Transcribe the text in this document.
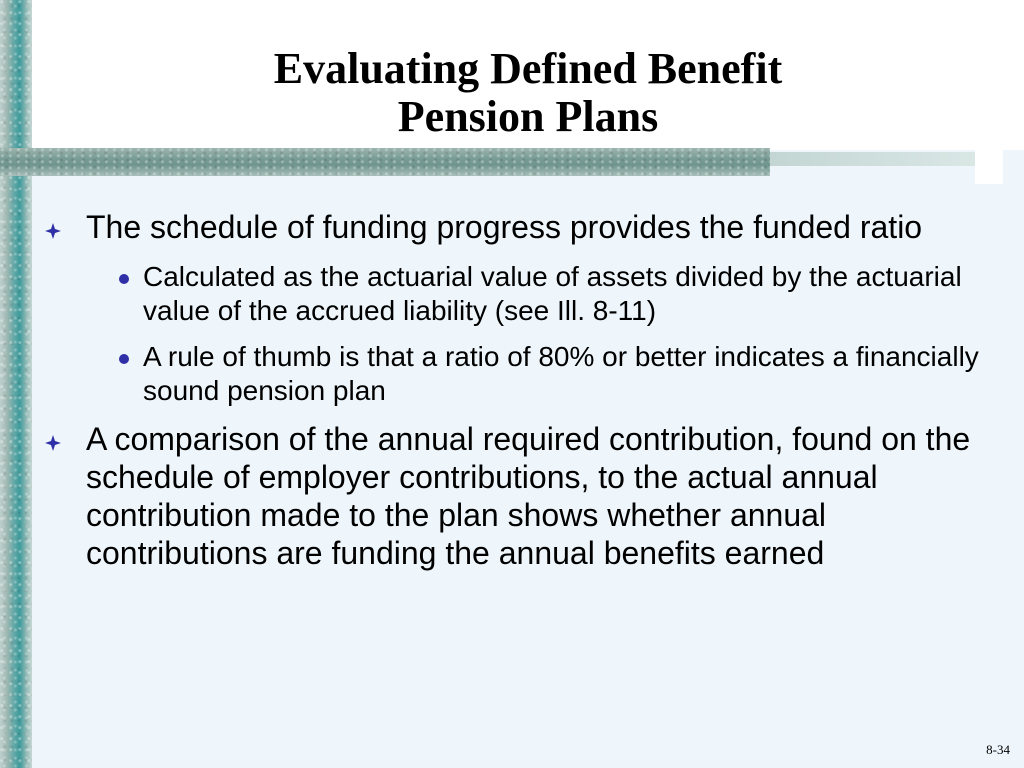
Evaluating Defined Benefit
Pension Plans
The schedule of funding progress provides the funded ratio
Calculated as the actuarial value of assets divided by the actuarial value of the accrued liability (see Ill. 8-11)
A rule of thumb is that a ratio of 80% or better indicates a financially sound pension plan
A comparison of the annual required contribution, found on the schedule of employer contributions, to the actual annual contribution made to the plan shows whether annual contributions are funding the annual benefits earned
8-34
